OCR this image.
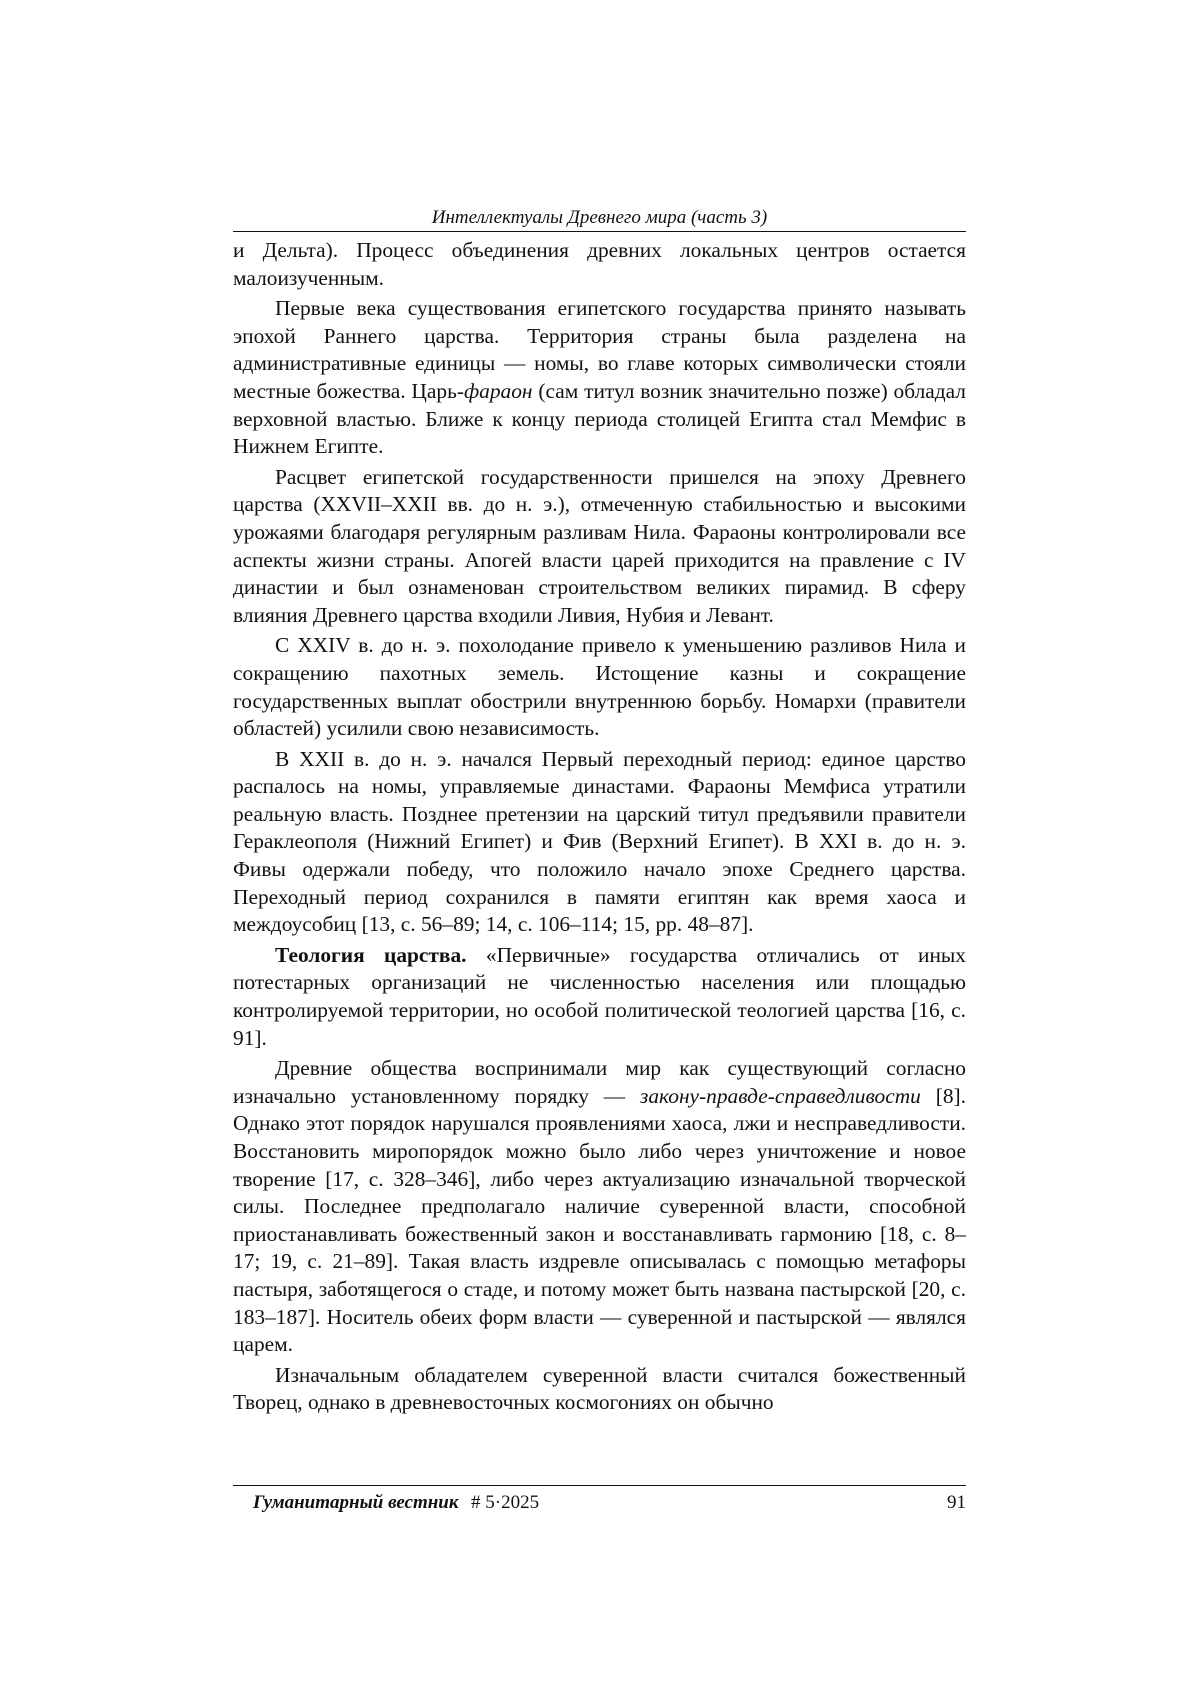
Интеллектуалы Древнего мира (часть 3)

и Дельта). Процесс объединения древних локальных центров остается малоизученным.

Первые века существования египетского государства принято называть эпохой Раннего царства. Территория страны была разделена на административные единицы — номы, во главе которых символически стояли местные божества. Царь-фараон (сам титул возник значительно позже) обладал верховной властью. Ближе к концу периода столицей Египта стал Мемфис в Нижнем Египте.

Расцвет египетской государственности пришелся на эпоху Древнего царства (XXVII–XXII вв. до н. э.), отмеченную стабильностью и высокими урожаями благодаря регулярным разливам Нила. Фараоны контролировали все аспекты жизни страны. Апогей власти царей приходится на правление с IV династии и был ознаменован строительством великих пирамид. В сферу влияния Древнего царства входили Ливия, Нубия и Левант.

С XXIV в. до н. э. похолодание привело к уменьшению разливов Нила и сокращению пахотных земель. Истощение казны и сокращение государственных выплат обострили внутреннюю борьбу. Номархи (правители областей) усилили свою независимость.

В XXII в. до н. э. начался Первый переходный период: единое царство распалось на номы, управляемые династами. Фараоны Мемфиса утратили реальную власть. Позднее претензии на царский титул предъявили правители Гераклеополя (Нижний Египет) и Фив (Верхний Египет). В XXI в. до н. э. Фивы одержали победу, что положило начало эпохе Среднего царства. Переходный период сохранился в памяти египтян как время хаоса и междоусобиц [13, с. 56–89; 14, с. 106–114; 15, pp. 48–87].

Теология царства. «Первичные» государства отличались от иных потестарных организаций не численностью населения или площадью контролируемой территории, но особой политической теологией царства [16, с. 91].

Древние общества воспринимали мир как существующий согласно изначально установленному порядку — закону-правде-справедливости [8]. Однако этот порядок нарушался проявлениями хаоса, лжи и несправедливости. Восстановить миропорядок можно было либо через уничтожение и новое творение [17, с. 328–346], либо через актуализацию изначальной творческой силы. Последнее предполагало наличие суверенной власти, способной приостанавливать божественный закон и восстанавливать гармонию [18, с. 8–17; 19, с. 21–89]. Такая власть издревле описывалась с помощью метафоры пастыря, заботящегося о стаде, и потому может быть названа пастырской [20, с. 183–187]. Носитель обеих форм власти — суверенной и пастырской — являлся царем.

Изначальным обладателем суверенной власти считался божественный Творец, однако в древневосточных космогониях он обычно

Гуманитарный вестник # 5·2025	91
